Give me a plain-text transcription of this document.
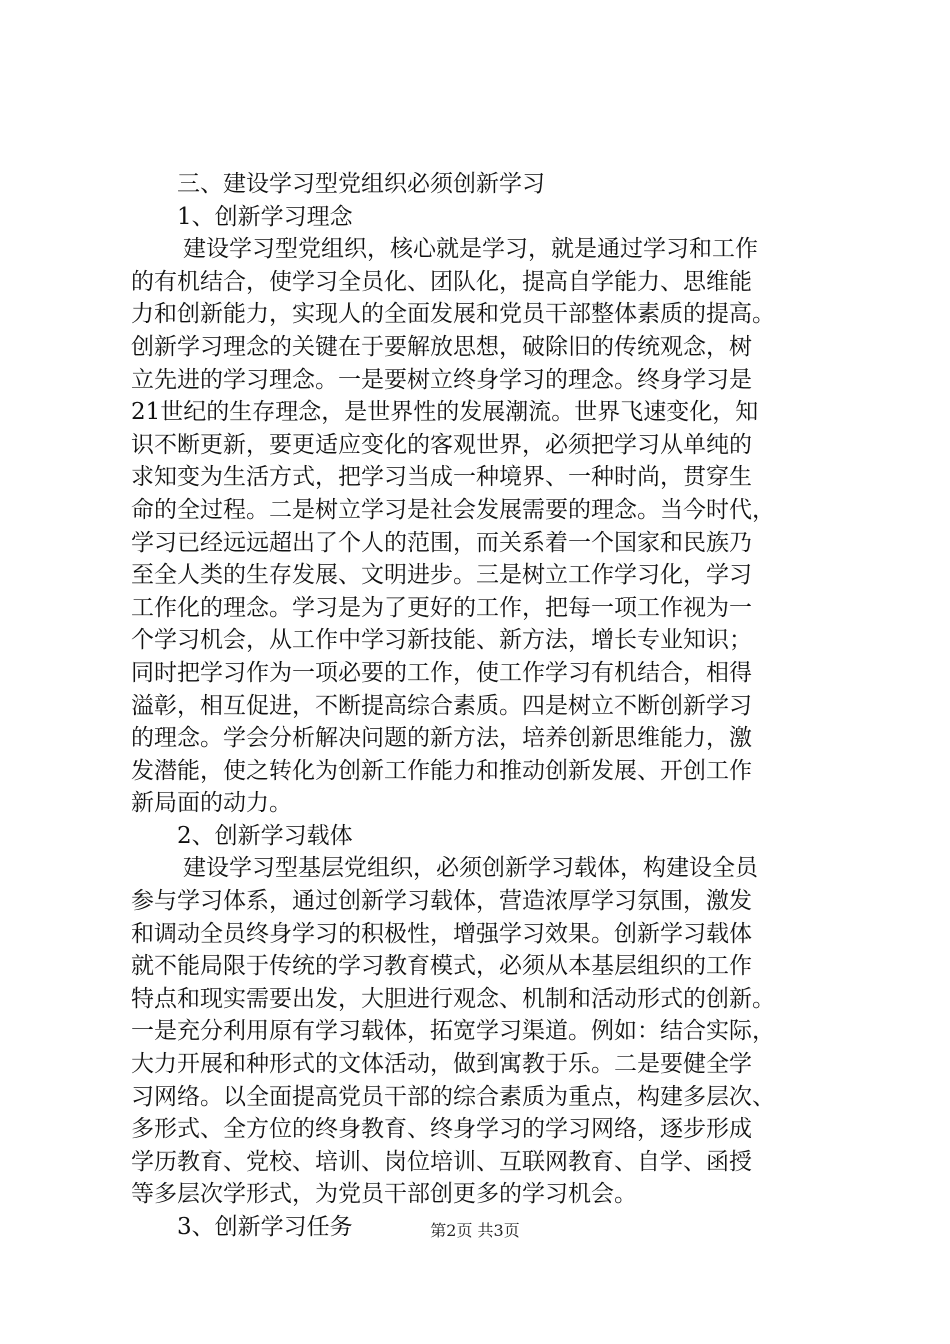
三、建设学习型党组织必须创新学习
1、创新学习理念
建设学习型党组织，核心就是学习，就是通过学习和工作
的有机结合，使学习全员化、团队化，提高自学能力、思维能
力和创新能力，实现人的全面发展和党员干部整体素质的提高。
创新学习理念的关键在于要解放思想，破除旧的传统观念，树
立先进的学习理念。一是要树立终身学习的理念。终身学习是
21世纪的生存理念，是世界性的发展潮流。世界飞速变化，知
识不断更新，要更适应变化的客观世界，必须把学习从单纯的
求知变为生活方式，把学习当成一种境界、一种时尚，贯穿生
命的全过程。二是树立学习是社会发展需要的理念。当今时代，
学习已经远远超出了个人的范围，而关系着一个国家和民族乃
至全人类的生存发展、文明进步。三是树立工作学习化，学习
工作化的理念。学习是为了更好的工作，把每一项工作视为一
个学习机会，从工作中学习新技能、新方法，增长专业知识；
同时把学习作为一项必要的工作，使工作学习有机结合，相得
溢彰，相互促进，不断提高综合素质。四是树立不断创新学习
的理念。学会分析解决问题的新方法，培养创新思维能力，激
发潜能，使之转化为创新工作能力和推动创新发展、开创工作
新局面的动力。
2、创新学习载体
建设学习型基层党组织，必须创新学习载体，构建设全员
参与学习体系，通过创新学习载体，营造浓厚学习氛围，激发
和调动全员终身学习的积极性，增强学习效果。创新学习载体
就不能局限于传统的学习教育模式，必须从本基层组织的工作
特点和现实需要出发，大胆进行观念、机制和活动形式的创新。
一是充分利用原有学习载体，拓宽学习渠道。例如：结合实际，
大力开展和种形式的文体活动，做到寓教于乐。二是要健全学
习网络。以全面提高党员干部的综合素质为重点，构建多层次、
多形式、全方位的终身教育、终身学习的学习网络，逐步形成
学历教育、党校、培训、岗位培训、互联网教育、自学、函授
等多层次学形式，为党员干部创更多的学习机会。
3、创新学习任务	第2页 共3页
